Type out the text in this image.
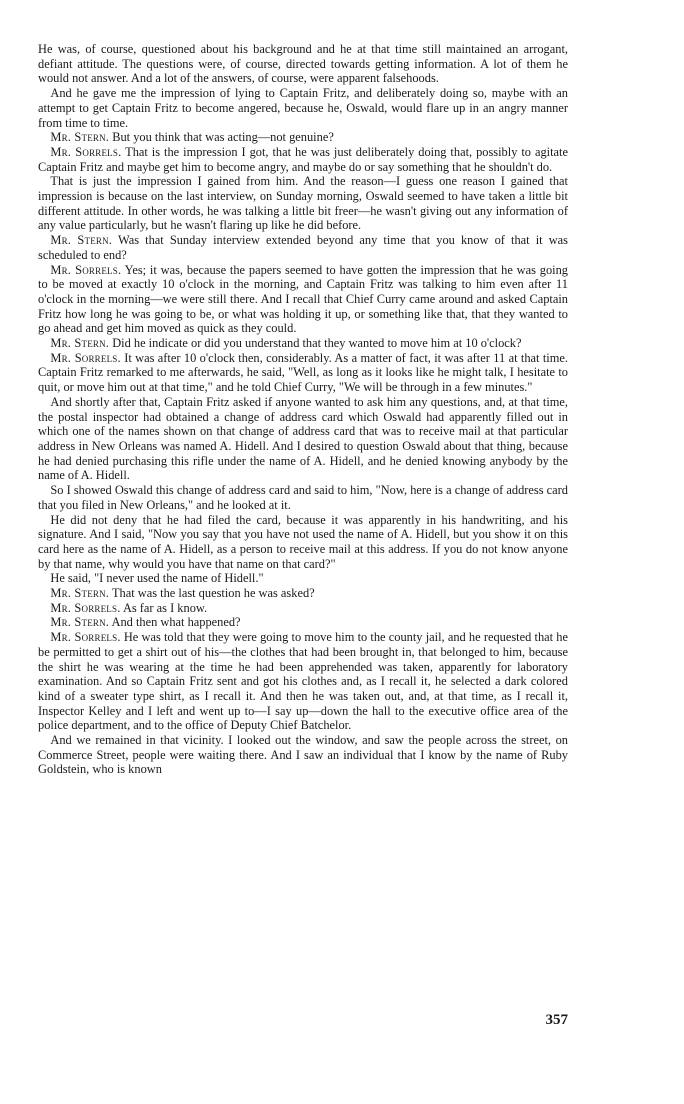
He was, of course, questioned about his background and he at that time still maintained an arrogant, defiant attitude. The questions were, of course, directed towards getting information. A lot of them he would not answer. And a lot of the answers, of course, were apparent falsehoods.

And he gave me the impression of lying to Captain Fritz, and deliberately doing so, maybe with an attempt to get Captain Fritz to become angered, because he, Oswald, would flare up in an angry manner from time to time.

Mr. Stern. But you think that was acting—not genuine?

Mr. Sorrels. That is the impression I got, that he was just deliberately doing that, possibly to agitate Captain Fritz and maybe get him to become angry, and maybe do or say something that he shouldn't do.

That is just the impression I gained from him. And the reason—I guess one reason I gained that impression is because on the last interview, on Sunday morning, Oswald seemed to have taken a little bit different attitude. In other words, he was talking a little bit freer—he wasn't giving out any information of any value particularly, but he wasn't flaring up like he did before.

Mr. Stern. Was that Sunday interview extended beyond any time that you know of that it was scheduled to end?

Mr. Sorrels. Yes; it was, because the papers seemed to have gotten the impression that he was going to be moved at exactly 10 o'clock in the morning, and Captain Fritz was talking to him even after 11 o'clock in the morning—we were still there. And I recall that Chief Curry came around and asked Captain Fritz how long he was going to be, or what was holding it up, or something like that, that they wanted to go ahead and get him moved as quick as they could.

Mr. Stern. Did he indicate or did you understand that they wanted to move him at 10 o'clock?

Mr. Sorrels. It was after 10 o'clock then, considerably. As a matter of fact, it was after 11 at that time. Captain Fritz remarked to me afterwards, he said, "Well, as long as it looks like he might talk, I hesitate to quit, or move him out at that time," and he told Chief Curry, "We will be through in a few minutes."

And shortly after that, Captain Fritz asked if anyone wanted to ask him any questions, and, at that time, the postal inspector had obtained a change of address card which Oswald had apparently filled out in which one of the names shown on that change of address card that was to receive mail at that particular address in New Orleans was named A. Hidell. And I desired to question Oswald about that thing, because he had denied purchasing this rifle under the name of A. Hidell, and he denied knowing anybody by the name of A. Hidell.

So I showed Oswald this change of address card and said to him, "Now, here is a change of address card that you filed in New Orleans," and he looked at it.

He did not deny that he had filed the card, because it was apparently in his handwriting, and his signature. And I said, "Now you say that you have not used the name of A. Hidell, but you show it on this card here as the name of A. Hidell, as a person to receive mail at this address. If you do not know anyone by that name, why would you have that name on that card?"

He said, "I never used the name of Hidell."

Mr. Stern. That was the last question he was asked?

Mr. Sorrels. As far as I know.

Mr. Stern. And then what happened?

Mr. Sorrels. He was told that they were going to move him to the county jail, and he requested that he be permitted to get a shirt out of his—the clothes that had been brought in, that belonged to him, because the shirt he was wearing at the time he had been apprehended was taken, apparently for laboratory examination. And so Captain Fritz sent and got his clothes and, as I recall it, he selected a dark colored kind of a sweater type shirt, as I recall it. And then he was taken out, and, at that time, as I recall it, Inspector Kelley and I left and went up to—I say up—down the hall to the executive office area of the police department, and to the office of Deputy Chief Batchelor.

And we remained in that vicinity. I looked out the window, and saw the people across the street, on Commerce Street, people were waiting there. And I saw an individual that I know by the name of Ruby Goldstein, who is known

357
